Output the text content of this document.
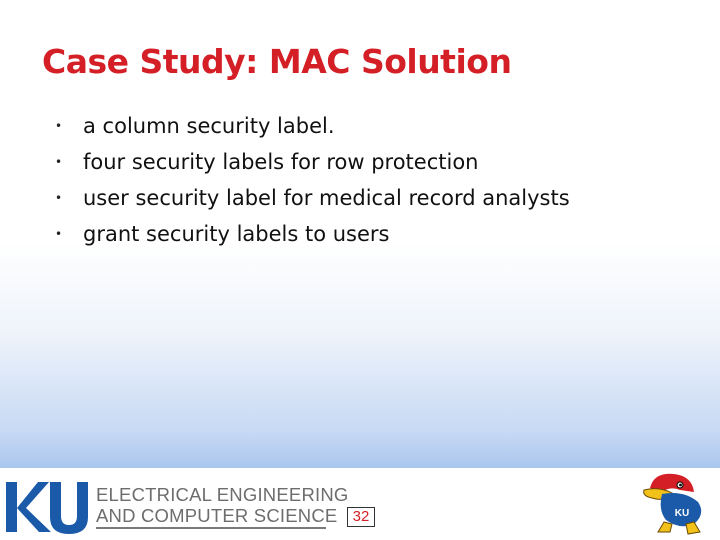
Case Study: MAC Solution
• a column security label.
• four security labels for row protection
• user security label for medical record analysts
• grant security labels to users
ELECTRICAL ENGINEERING
AND COMPUTER SCIENCE	32	KU
